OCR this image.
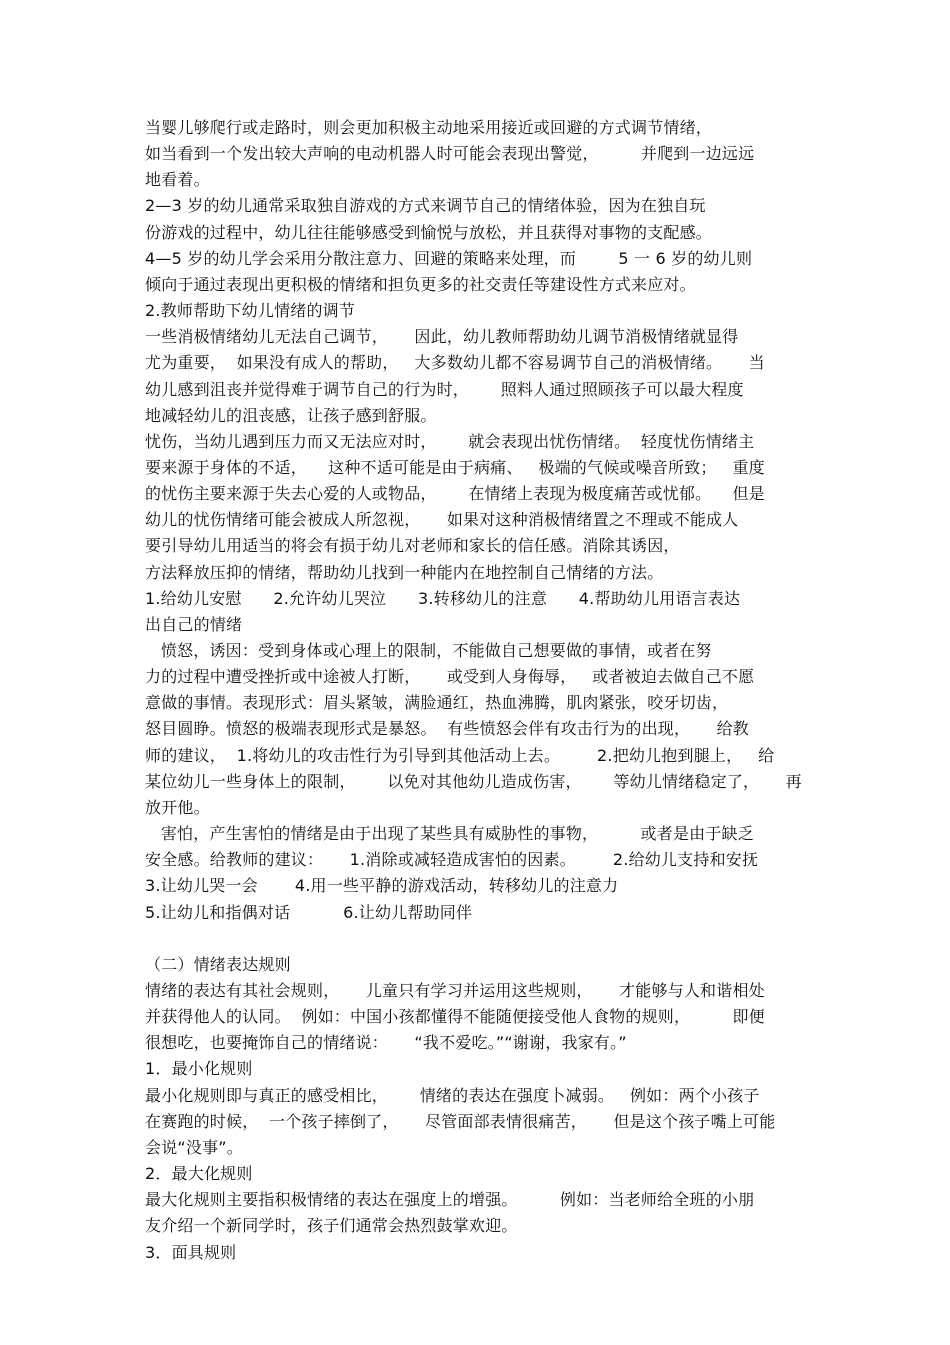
当婴儿够爬行或走路时，则会更加积极主动地采用接近或回避的方式调节情绪，

如当看到一个发出较大声响的电动机器人时可能会表现出警觉，        并爬到一边远远

地看着。

2—3 岁的幼儿通常采取独自游戏的方式来调节自己的情绪体验，因为在独自玩

份游戏的过程中，幼儿往往能够感受到愉悦与放松，并且获得对事物的支配感。

4—5 岁的幼儿学会采用分散注意力、回避的策略来处理，而        5 一 6 岁的幼儿则

倾向于通过表现出更积极的情绪和担负更多的社交责任等建设性方式来应对。

2.教师帮助下幼儿情绪的调节

一些消极情绪幼儿无法自己调节，     因此，幼儿教师帮助幼儿调节消极情绪就显得

尤为重要，  如果没有成人的帮助，   大多数幼儿都不容易调节自己的消极情绪。     当

幼儿感到沮丧并觉得难于调节自己的行为时，      照料人通过照顾孩子可以最大程度

地减轻幼儿的沮丧感，让孩子感到舒服。

忧伤，当幼儿遇到压力而又无法应对时，      就会表现出忧伤情绪。  轻度忧伤情绪主

要来源于身体的不适，    这种不适可能是由于病痛、   极端的气候或噪音所致；   重度

的忧伤主要来源于失去心爱的人或物品，      在情绪上表现为极度痛苦或忧郁。    但是

幼儿的忧伤情绪可能会被成人所忽视，     如果对这种消极情绪置之不理或不能成人

要引导幼儿用适当的将会有损于幼儿对老师和家长的信任感。消除其诱因，

方法释放压抑的情绪，帮助幼儿找到一种能内在地控制自己情绪的方法。

1.给幼儿安慰      2.允许幼儿哭泣      3.转移幼儿的注意      4.帮助幼儿用语言表达

出自己的情绪

愤怒，诱因：受到身体或心理上的限制，不能做自己想要做的事情，或者在努

力的过程中遭受挫折或中途被人打断，     或受到人身侮辱，   或者被迫去做自己不愿

意做的事情。表现形式：眉头紧皱，满脸通红，热血沸腾，肌肉紧张，咬牙切齿，

怒目圆睁。愤怒的极端表现形式是暴怒。  有些愤怒会伴有攻击行为的出现，     给教

师的建议，  1.将幼儿的攻击性行为引导到其他活动上去。       2.把幼儿抱到腿上，   给

某位幼儿一些身体上的限制，      以免对其他幼儿造成伤害，      等幼儿情绪稳定了，     再

放开他。

害怕，产生害怕的情绪是由于出现了某些具有威胁性的事物，        或者是由于缺乏

安全感。给教师的建议：     1.消除或减轻造成害怕的因素。       2.给幼儿支持和安抚

3.让幼儿哭一会       4.用一些平静的游戏活动，转移幼儿的注意力

5.让幼儿和指偶对话          6.让幼儿帮助同伴

（二）情绪表达规则

情绪的表达有其社会规则，     儿童只有学习并运用这些规则，     才能够与人和谐相处

并获得他人的认同。  例如：中国小孩都懂得不能随便接受他人食物的规则，        即便

很想吃，也要掩饰自己的情绪说：     “我不爱吃。”“谢谢，我家有。”

1．最小化规则

最小化规则即与真正的感受相比，      情绪的表达在强度卜减弱。   例如：两个小孩子

在赛跑的时候，  一个孩子摔倒了，     尽管面部表情很痛苦，     但是这个孩子嘴上可能

会说“没事”。

2．最大化规则

最大化规则主要指积极情绪的表达在强度上的增强。        例如：当老师给全班的小朋

友介绍一个新同学时，孩子们通常会热烈鼓掌欢迎。

3．面具规则
